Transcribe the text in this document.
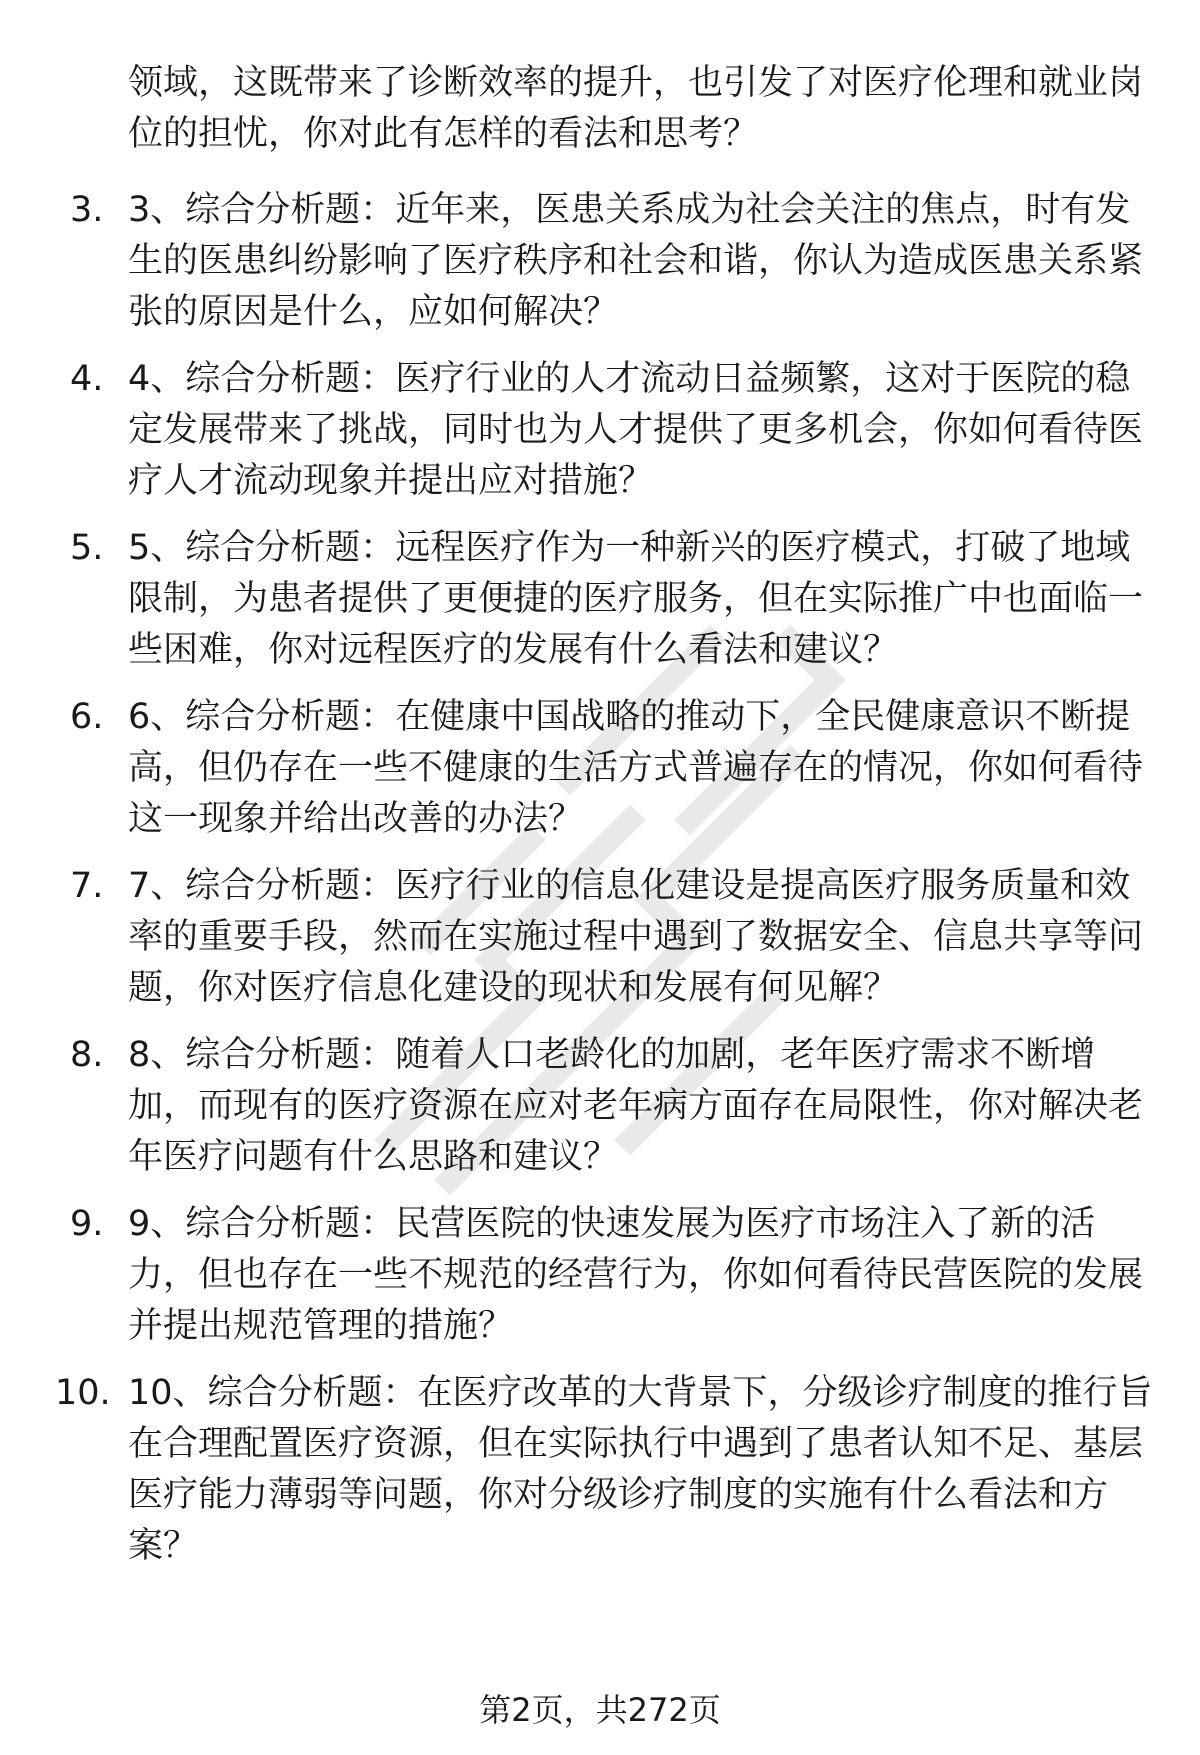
领域，这既带来了诊断效率的提升，也引发了对医疗伦理和就业岗位的担忧，你对此有怎样的看法和思考？
3. 3、综合分析题：近年来，医患关系成为社会关注的焦点，时有发生的医患纠纷影响了医疗秩序和社会和谐，你认为造成医患关系紧张的原因是什么，应如何解决？
4. 4、综合分析题：医疗行业的人才流动日益频繁，这对于医院的稳定发展带来了挑战，同时也为人才提供了更多机会，你如何看待医疗人才流动现象并提出应对措施？
5. 5、综合分析题：远程医疗作为一种新兴的医疗模式，打破了地域限制，为患者提供了更便捷的医疗服务，但在实际推广中也面临一些困难，你对远程医疗的发展有什么看法和建议？
6. 6、综合分析题：在健康中国战略的推动下，全民健康意识不断提高，但仍存在一些不健康的生活方式普遍存在的情况，你如何看待这一现象并给出改善的办法？
7. 7、综合分析题：医疗行业的信息化建设是提高医疗服务质量和效率的重要手段，然而在实施过程中遇到了数据安全、信息共享等问题，你对医疗信息化建设的现状和发展有何见解？
8. 8、综合分析题：随着人口老龄化的加剧，老年医疗需求不断增加，而现有的医疗资源在应对老年病方面存在局限性，你对解决老年医疗问题有什么思路和建议？
9. 9、综合分析题：民营医院的快速发展为医疗市场注入了新的活力，但也存在一些不规范的经营行为，你如何看待民营医院的发展并提出规范管理的措施？
10. 10、综合分析题：在医疗改革的大背景下，分级诊疗制度的推行旨在合理配置医疗资源，但在实际执行中遇到了患者认知不足、基层医疗能力薄弱等问题，你对分级诊疗制度的实施有什么看法和方案？
第2页，共272页
